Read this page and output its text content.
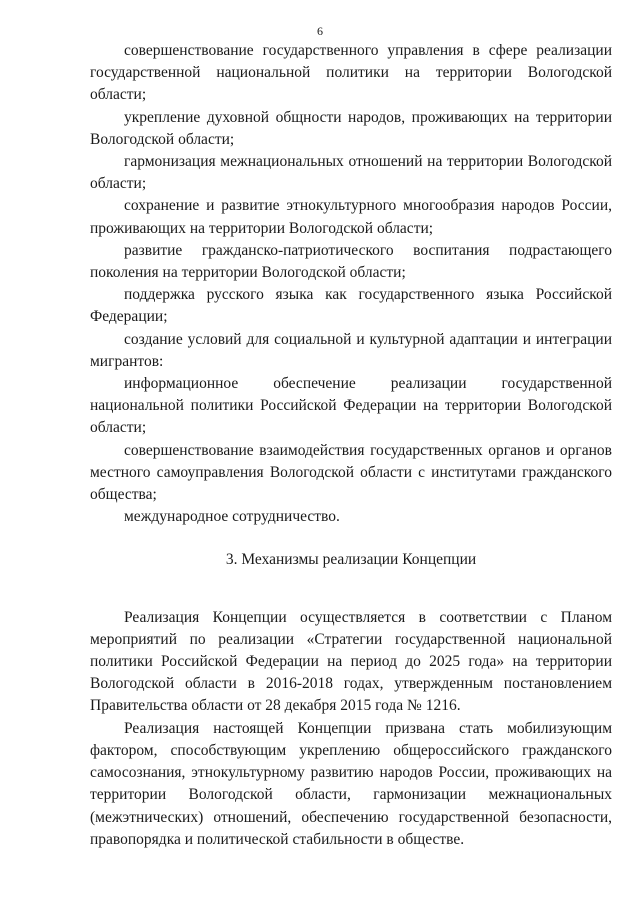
6

совершенствование государственного управления в сфере реализации государственной национальной политики на территории Вологодской области;

укрепление духовной общности народов, проживающих на территории Вологодской области;

гармонизация межнациональных отношений на территории Вологодской области;

сохранение и развитие этнокультурного многообразия народов России, проживающих на территории Вологодской области;

развитие гражданско-патриотического воспитания подрастающего поколения на территории Вологодской области;

поддержка русского языка как государственного языка Российской Федерации;

создание условий для социальной и культурной адаптации и интеграции мигрантов:

информационное обеспечение реализации государственной национальной политики Российской Федерации на территории Вологодской области;

совершенствование взаимодействия государственных органов и органов местного самоуправления Вологодской области с институтами гражданского общества;

международное сотрудничество.

3. Механизмы реализации Концепции

Реализация Концепции осуществляется в соответствии с Планом мероприятий по реализации «Стратегии государственной национальной политики Российской Федерации на период до 2025 года» на территории Вологодской области в 2016-2018 годах, утвержденным постановлением Правительства области от 28 декабря 2015 года № 1216.

Реализация настоящей Концепции призвана стать мобилизующим фактором, способствующим укреплению общероссийского гражданского самосознания, этнокультурному развитию народов России, проживающих на территории Вологодской области, гармонизации межнациональных (межэтнических) отношений, обеспечению государственной безопасности, правопорядка и политической стабильности в обществе.
